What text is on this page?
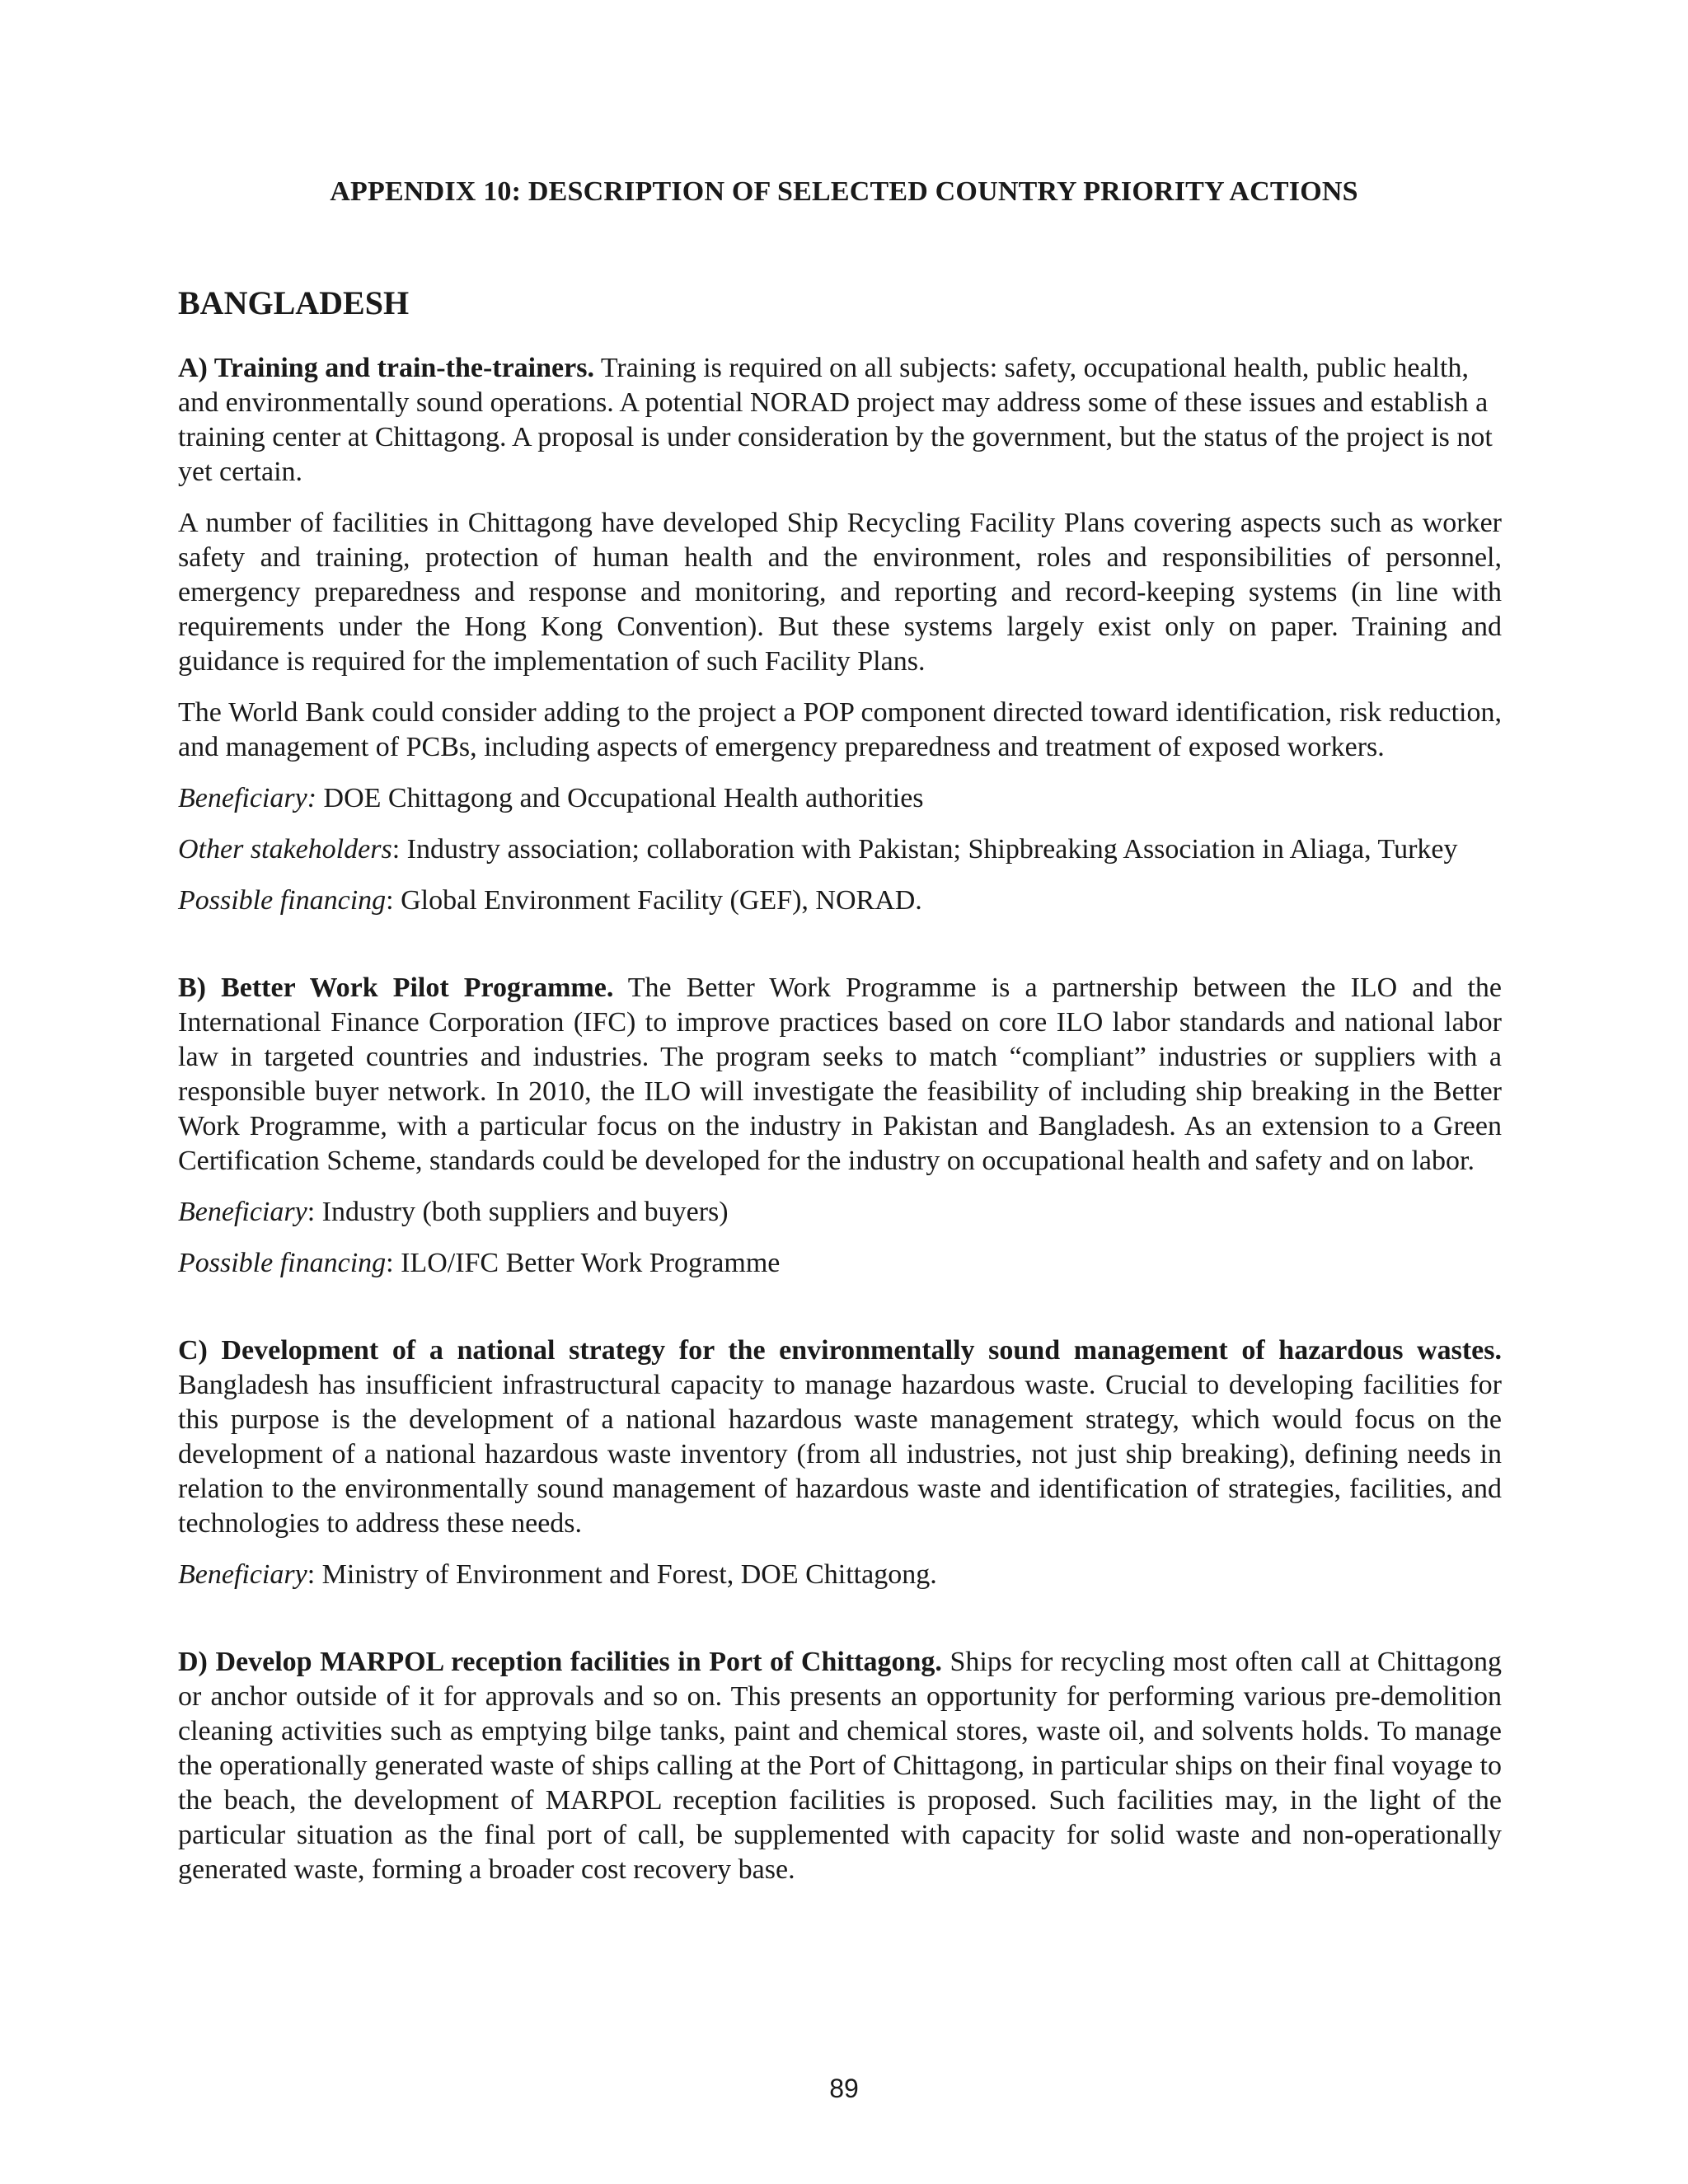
APPENDIX 10: DESCRIPTION OF SELECTED COUNTRY PRIORITY ACTIONS
BANGLADESH

A) Training and train-the-trainers. Training is required on all subjects: safety, occupational health, public health, and environmentally sound operations. A potential NORAD project may address some of these issues and establish a training center at Chittagong. A proposal is under consideration by the government, but the status of the project is not yet certain.

A number of facilities in Chittagong have developed Ship Recycling Facility Plans covering aspects such as worker safety and training, protection of human health and the environment, roles and responsibilities of personnel, emergency preparedness and response and monitoring, and reporting and record-keeping systems (in line with requirements under the Hong Kong Convention). But these systems largely exist only on paper. Training and guidance is required for the implementation of such Facility Plans.

The World Bank could consider adding to the project a POP component directed toward identification, risk reduction, and management of PCBs, including aspects of emergency preparedness and treatment of exposed workers.

Beneficiary: DOE Chittagong and Occupational Health authorities

Other stakeholders: Industry association; collaboration with Pakistan; Shipbreaking Association in Aliaga, Turkey

Possible financing: Global Environment Facility (GEF), NORAD.

B) Better Work Pilot Programme. The Better Work Programme is a partnership between the ILO and the International Finance Corporation (IFC) to improve practices based on core ILO labor standards and national labor law in targeted countries and industries. The program seeks to match “compliant” industries or suppliers with a responsible buyer network. In 2010, the ILO will investigate the feasibility of including ship breaking in the Better Work Programme, with a particular focus on the industry in Pakistan and Bangladesh. As an extension to a Green Certification Scheme, standards could be developed for the industry on occupational health and safety and on labor.

Beneficiary: Industry (both suppliers and buyers)

Possible financing: ILO/IFC Better Work Programme

C) Development of a national strategy for the environmentally sound management of hazardous wastes. Bangladesh has insufficient infrastructural capacity to manage hazardous waste. Crucial to developing facilities for this purpose is the development of a national hazardous waste management strategy, which would focus on the development of a national hazardous waste inventory (from all industries, not just ship breaking), defining needs in relation to the environmentally sound management of hazardous waste and identification of strategies, facilities, and technologies to address these needs.

Beneficiary: Ministry of Environment and Forest, DOE Chittagong.

D) Develop MARPOL reception facilities in Port of Chittagong. Ships for recycling most often call at Chittagong or anchor outside of it for approvals and so on. This presents an opportunity for performing various pre-demolition cleaning activities such as emptying bilge tanks, paint and chemical stores, waste oil, and solvents holds. To manage the operationally generated waste of ships calling at the Port of Chittagong, in particular ships on their final voyage to the beach, the development of MARPOL reception facilities is proposed. Such facilities may, in the light of the particular situation as the final port of call, be supplemented with capacity for solid waste and non-operationally generated waste, forming a broader cost recovery base.

89
